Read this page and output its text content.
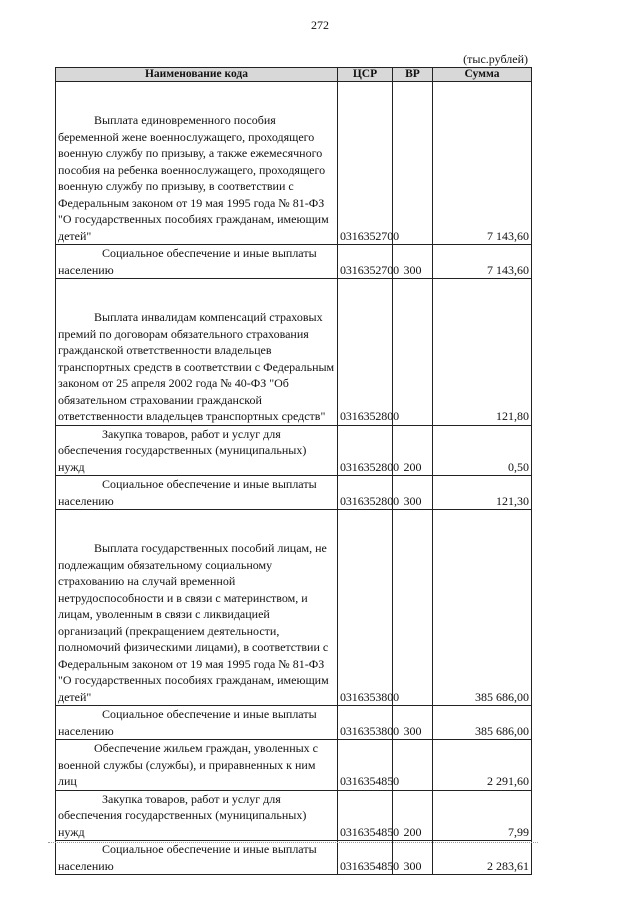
272
(тыс.рублей)
Наименование кода	ЦСР	ВР	Сумма
Выплата единовременного пособия беременной жене военнослужащего, проходящего военную службу по призыву, а также ежемесячного пособия на ребенка военнослужащего, проходящего военную службу по призыву, в соответствии с Федеральным законом от 19 мая 1995 года № 81-ФЗ "О государственных пособиях гражданам, имеющим детей"	0316352700		7 143,60
Социальное обеспечение и иные выплаты населению	0316352700	300	7 143,60
Выплата инвалидам компенсаций страховых премий по договорам обязательного страхования гражданской ответственности владельцев транспортных средств в соответствии с Федеральным законом от 25 апреля 2002 года № 40-ФЗ "Об обязательном страховании гражданской ответственности владельцев транспортных средств"	0316352800		121,80
Закупка товаров, работ и услуг для обеспечения государственных (муниципальных) нужд	0316352800	200	0,50
Социальное обеспечение и иные выплаты населению	0316352800	300	121,30
Выплата государственных пособий лицам, не подлежащим обязательному социальному страхованию на случай временной нетрудоспособности и в связи с материнством, и лицам, уволенным в связи с ликвидацией организаций (прекращением деятельности, полномочий физическими лицами), в соответствии с Федеральным законом от 19 мая 1995 года № 81-ФЗ "О государственных пособиях гражданам, имеющим детей"	0316353800		385 686,00
Социальное обеспечение и иные выплаты населению	0316353800	300	385 686,00
Обеспечение жильем граждан, уволенных с военной службы (службы), и приравненных к ним лиц	0316354850		2 291,60
Закупка товаров, работ и услуг для обеспечения государственных (муниципальных) нужд	0316354850	200	7,99
Социальное обеспечение и иные выплаты населению	0316354850	300	2 283,61
